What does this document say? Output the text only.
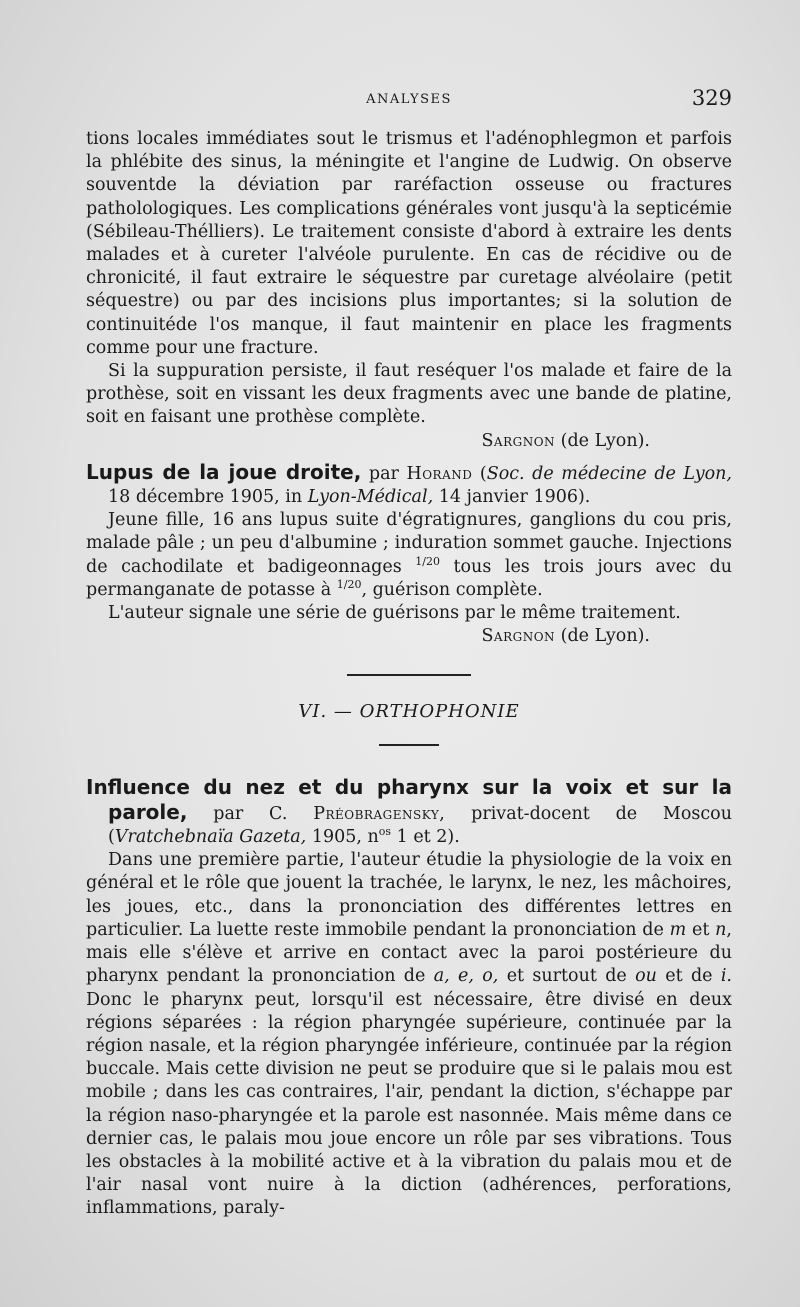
ANALYSES	329

tions locales immédiates sout le trismus et l'adénophlegmon et parfois la phlébite des sinus, la méningite et l'angine de Ludwig. On observe souventde la déviation par raréfaction osseuse ou fractures patholologiques. Les complications générales vont jusqu'à la septicémie (Sébileau-Thélliers). Le traitement consiste d'abord à extraire les dents malades et à cureter l'alvéole purulente. En cas de récidive ou de chronicité, il faut extraire le séquestre par curetage alvéolaire (petit séquestre) ou par des incisions plus importantes; si la solution de continuitéde l'os manque, il faut maintenir en place les fragments comme pour une fracture.

Si la suppuration persiste, il faut reséquer l'os malade et faire de la prothèse, soit en vissant les deux fragments avec une bande de platine, soit en faisant une prothèse complète.

Sargnon (de Lyon).

Lupus de la joue droite, par Horand (Soc. de médecine de Lyon, 18 décembre 1905, in Lyon-Médical, 14 janvier 1906).

Jeune fille, 16 ans lupus suite d'égratignures, ganglions du cou pris, malade pâle ; un peu d'albumine ; induration sommet gauche. Injections de cachodilate et badigeonnages $^{1/20}$ tous les trois jours avec du permanganate de potasse à $^{1/20}$, guérison complète.

L'auteur signale une série de guérisons par le même traitement.

Sargnon (de Lyon).

VI. — ORTHOPHONIE

Influence du nez et du pharynx sur la voix et sur la parole, par C. Préobragensky, privat-docent de Moscou (Vratchebnaïa Gazeta, 1905, $n^{os}$ 1 et 2).

Dans une première partie, l'auteur étudie la physiologie de la voix en général et le rôle que jouent la trachée, le larynx, le nez, les mâchoires, les joues, etc., dans la prononciation des différentes lettres en particulier. La luette reste immobile pendant la prononciation de m et n, mais elle s'élève et arrive en contact avec la paroi postérieure du pharynx pendant la prononciation de a, e, o, et surtout de ou et de i. Donc le pharynx peut, lorsqu'il est nécessaire, être divisé en deux régions séparées : la région pharyngée supérieure, continuée par la région nasale, et la région pharyngée inférieure, continuée par la région buccale. Mais cette division ne peut se produire que si le palais mou est mobile ; dans les cas contraires, l'air, pendant la diction, s'échappe par la région naso-pharyngée et la parole est nasonnée. Mais même dans ce dernier cas, le palais mou joue encore un rôle par ses vibrations. Tous les obstacles à la mobilité active et à la vibration du palais mou et de l'air nasal vont nuire à la diction (adhérences, perforations, inflammations, paraly-
